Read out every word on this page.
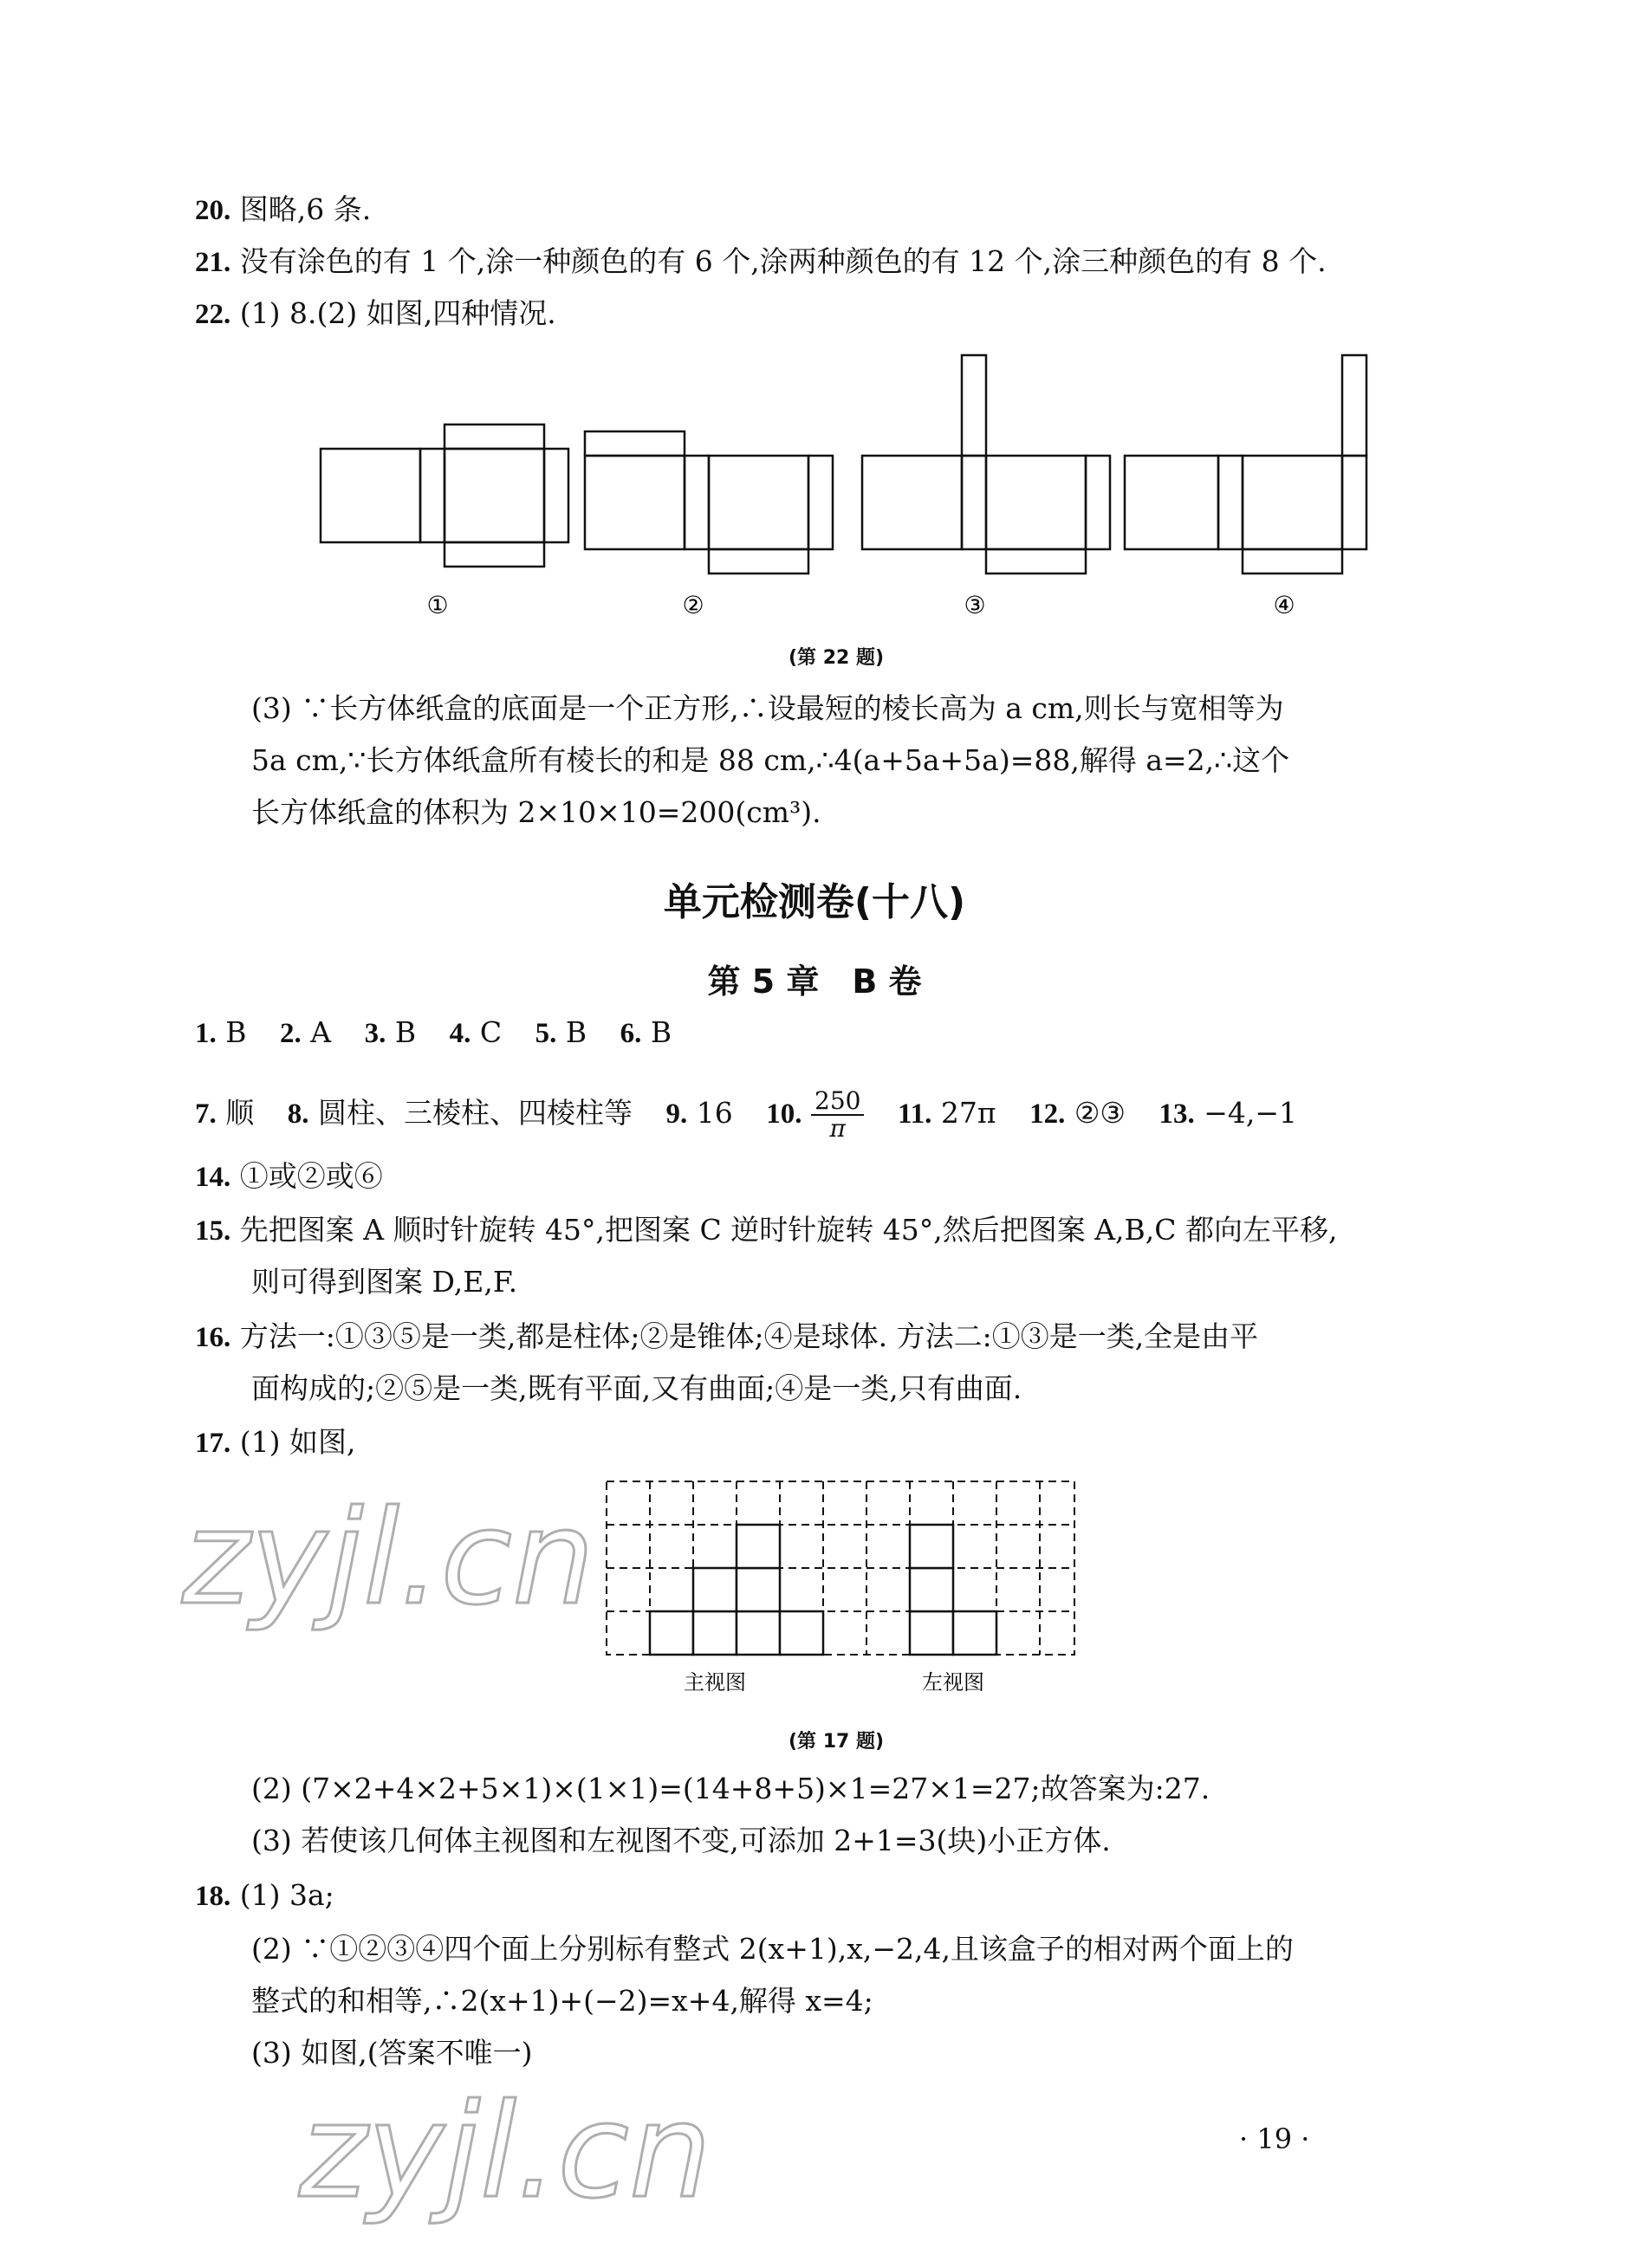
20. 图略,6 条.
21. 没有涂色的有 1 个,涂一种颜色的有 6 个,涂两种颜色的有 12 个,涂三种颜色的有 8 个.
22. (1) 8.(2) 如图,四种情况.
①	②	③	④
(第 22 题)
(3) ∵长方体纸盒的底面是一个正方形,∴设最短的棱长高为 a cm,则长与宽相等为
5a cm,∵长方体纸盒所有棱长的和是 88 cm,∴4(a+5a+5a)=88,解得 a=2,∴这个
长方体纸盒的体积为 2×10×10=200(cm³).
单元检测卷(十八)
第 5 章　B 卷
1. B 2. A 3. B 4. C 5. B 6. B
7. 顺 8. 圆柱、三棱柱、四棱柱等 9. 16 10. $\frac{250}{\pi} 11$. 27π 12. ②③ 13. −4,−1
14. ①或②或⑥
15. 先把图案 A 顺时针旋转 45°,把图案 C 逆时针旋转 45°,然后把图案 A,B,C 都向左平移,
则可得到图案 D,E,F.
16. 方法一:①③⑤是一类,都是柱体;②是锥体;④是球体. 方法二:①③是一类,全是由平
面构成的;②⑤是一类,既有平面,又有曲面;④是一类,只有曲面.
17. (1) 如图,
主视图	左视图
(第 17 题)
(2) (7×2+4×2+5×1)×(1×1)=(14+8+5)×1=27×1=27;故答案为:27.
(3) 若使该几何体主视图和左视图不变,可添加 2+1=3(块)小正方体.
18. (1) 3a;
(2) ∵①②③④四个面上分别标有整式 2(x+1),x,−2,4,且该盒子的相对两个面上的
整式的和相等,∴2(x+1)+(−2)=x+4,解得 x=4;
(3) 如图,(答案不唯一)
zyjl.cn
zyjl.cn	· 19 ·
